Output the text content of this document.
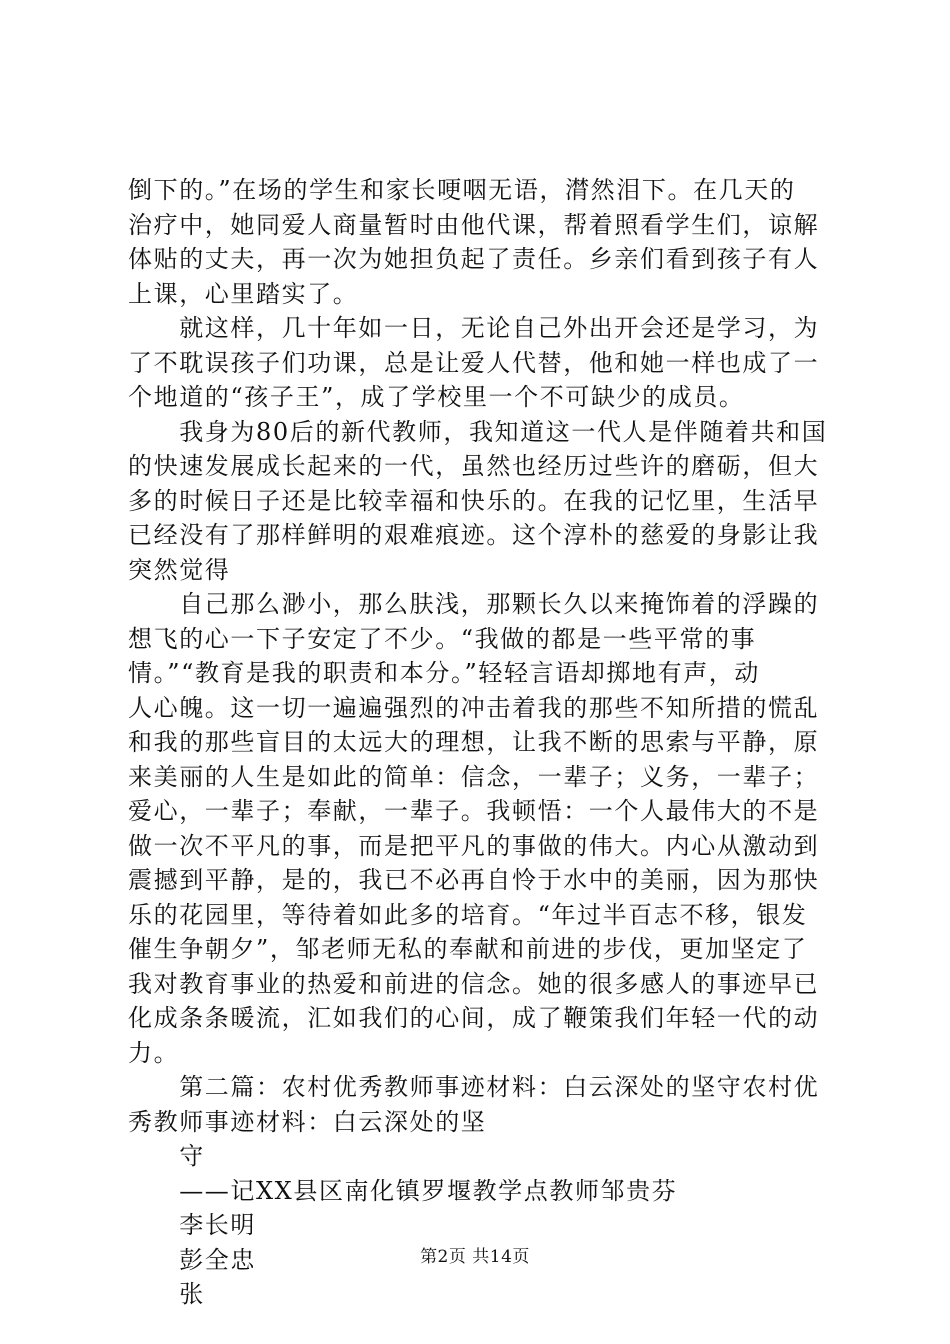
倒下的。”在场的学生和家长哽咽无语，潸然泪下。在几天的
治疗中，她同爱人商量暂时由他代课，帮着照看学生们，谅解
体贴的丈夫，再一次为她担负起了责任。乡亲们看到孩子有人
上课，心里踏实了。
　　就这样，几十年如一日，无论自己外出开会还是学习，为
了不耽误孩子们功课，总是让爱人代替，他和她一样也成了一
个地道的“孩子王”，成了学校里一个不可缺少的成员。
　　我身为80后的新代教师，我知道这一代人是伴随着共和国
的快速发展成长起来的一代，虽然也经历过些许的磨砺，但大
多的时候日子还是比较幸福和快乐的。在我的记忆里，生活早
已经没有了那样鲜明的艰难痕迹。这个淳朴的慈爱的身影让我
突然觉得
　　自己那么渺小，那么肤浅，那颗长久以来掩饰着的浮躁的
想飞的心一下子安定了不少。“我做的都是一些平常的事
情。”“教育是我的职责和本分。”轻轻言语却掷地有声，动
人心魄。这一切一遍遍强烈的冲击着我的那些不知所措的慌乱
和我的那些盲目的太远大的理想，让我不断的思索与平静，原
来美丽的人生是如此的简单：信念，一辈子；义务，一辈子；
爱心，一辈子；奉献，一辈子。我顿悟：一个人最伟大的不是
做一次不平凡的事，而是把平凡的事做的伟大。内心从激动到
震撼到平静，是的，我已不必再自怜于水中的美丽，因为那快
乐的花园里，等待着如此多的培育。“年过半百志不移，银发
催生争朝夕”，邹老师无私的奉献和前进的步伐，更加坚定了
我对教育事业的热爱和前进的信念。她的很多感人的事迹早已
化成条条暖流，汇如我们的心间，成了鞭策我们年轻一代的动
力。
　　第二篇：农村优秀教师事迹材料：白云深处的坚守农村优
秀教师事迹材料：白云深处的坚
　　守
　　——记XX县区南化镇罗堰教学点教师邹贵芬
　　李长明
　　彭全忠
　　张
第2页 共14页
